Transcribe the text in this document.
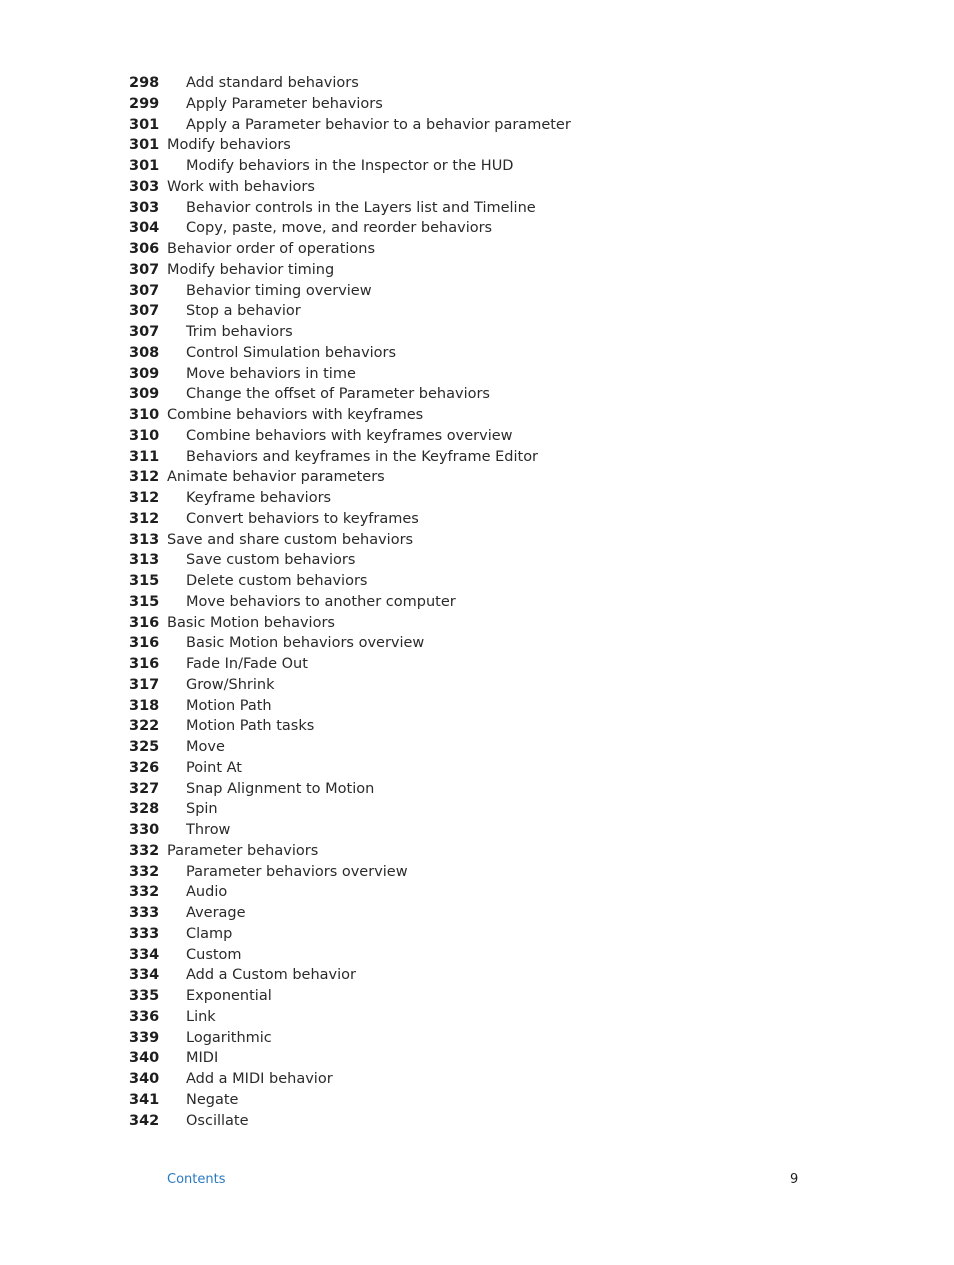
298	Add standard behaviors
299	Apply Parameter behaviors
301	Apply a Parameter behavior to a behavior parameter
301 Modify behaviors
301	Modify behaviors in the Inspector or the HUD
303 Work with behaviors
303	Behavior controls in the Layers list and Timeline
304	Copy, paste, move, and reorder behaviors
306 Behavior order of operations
307 Modify behavior timing
307	Behavior timing overview
307	Stop a behavior
307	Trim behaviors
308	Control Simulation behaviors
309	Move behaviors in time
309	Change the offset of Parameter behaviors
310 Combine behaviors with keyframes
310	Combine behaviors with keyframes overview
311	Behaviors and keyframes in the Keyframe Editor
312 Animate behavior parameters
312	Keyframe behaviors
312	Convert behaviors to keyframes
313 Save and share custom behaviors
313	Save custom behaviors
315	Delete custom behaviors
315	Move behaviors to another computer
316 Basic Motion behaviors
316	Basic Motion behaviors overview
316	Fade In/Fade Out
317	Grow/Shrink
318	Motion Path
322	Motion Path tasks
325	Move
326	Point At
327	Snap Alignment to Motion
328	Spin
330	Throw
332 Parameter behaviors
332	Parameter behaviors overview
332	Audio
333	Average
333	Clamp
334	Custom
334	Add a Custom behavior
335	Exponential
336	Link
339	Logarithmic
340	MIDI
340	Add a MIDI behavior
341	Negate
342	Oscillate
Contents	9
